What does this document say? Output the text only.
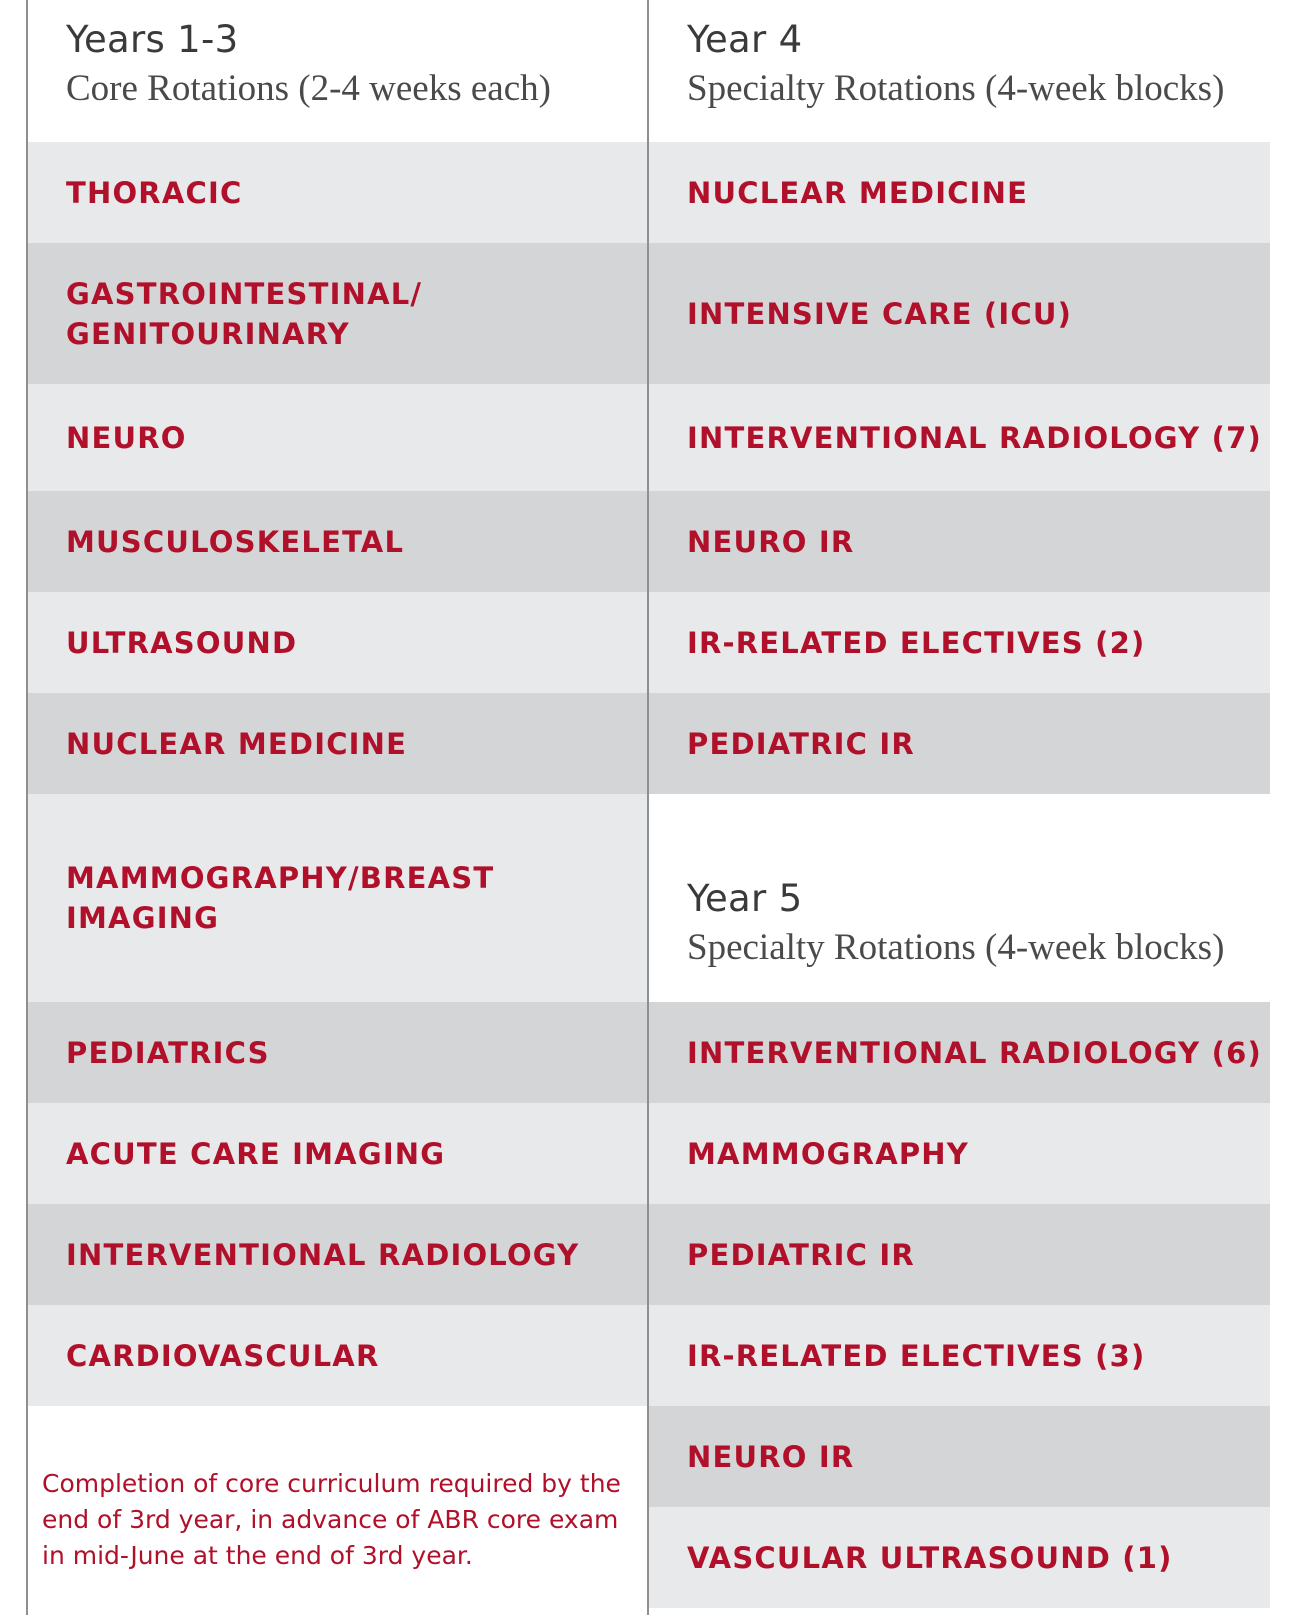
Years 1-3
Core Rotations (2-4 weeks each)
THORACIC
GASTROINTESTINAL/ GENITOURINARY
NEURO
MUSCULOSKELETAL
ULTRASOUND
NUCLEAR MEDICINE
MAMMOGRAPHY/BREAST IMAGING
PEDIATRICS
ACUTE CARE IMAGING
INTERVENTIONAL RADIOLOGY
CARDIOVASCULAR
Completion of core curriculum required by the end of 3rd year, in advance of ABR core exam in mid-June at the end of 3rd year.
Year 4
Specialty Rotations (4-week blocks)
NUCLEAR MEDICINE
INTENSIVE CARE (ICU)
INTERVENTIONAL RADIOLOGY (7)
NEURO IR
IR-RELATED ELECTIVES (2)
PEDIATRIC IR
Year 5
Specialty Rotations (4-week blocks)
INTERVENTIONAL RADIOLOGY (6)
MAMMOGRAPHY
PEDIATRIC IR
IR-RELATED ELECTIVES (3)
NEURO IR
VASCULAR ULTRASOUND (1)
